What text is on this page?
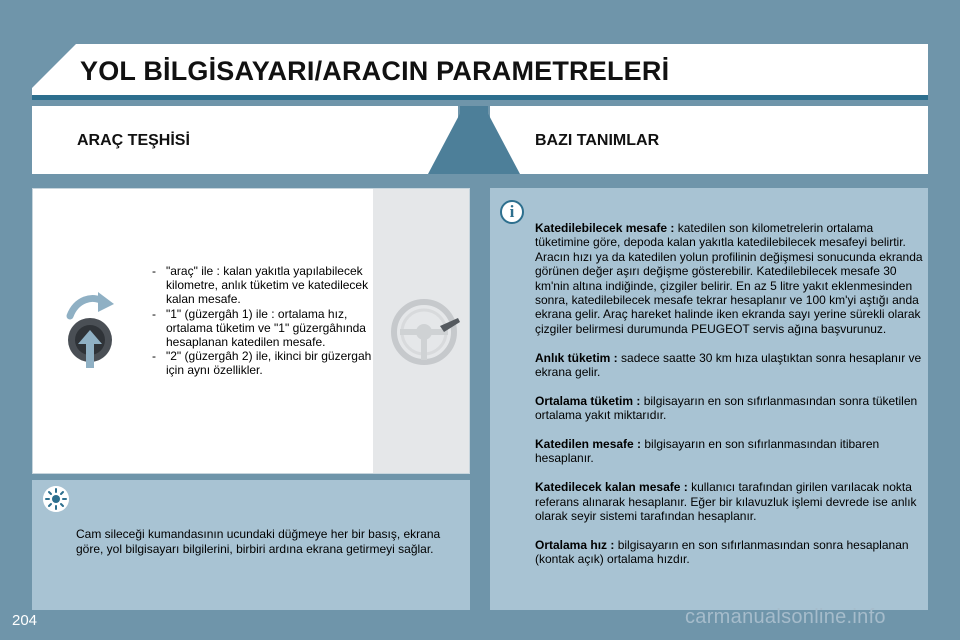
YOL BİLGİSAYARI/ARACIN PARAMETRELERİ
ARAÇ TEŞHİSİ	BAZI TANIMLAR
- "araç" ile : kalan yakıtla yapılabilecek kilometre, anlık tüketim ve katedilecek kalan mesafe.
- "1" (güzergâh 1) ile : ortalama hız, ortalama tüketim ve "1" güzergâhında hesaplanan katedilen mesafe.
- "2" (güzergâh 2) ile, ikinci bir güzergah için aynı özellikler.

Cam sileceği kumandasının ucundaki düğmeye her bir basış, ekrana göre, yol bilgisayarı bilgilerini, birbiri ardına ekrana getirmeyi sağlar.

i

Katedilebilecek mesafe : katedilen son kilometrelerin ortalama tüketimine göre, depoda kalan yakıtla katedilebilecek mesafeyi belirtir. Aracın hızı ya da katedilen yolun profilinin değişmesi sonucunda ekranda görünen değer aşırı değişme gösterebilir. Katedilebilecek mesafe 30 km'nin altına indiğinde, çizgiler belirir. En az 5 litre yakıt eklenmesinden sonra, katedilebilecek mesafe tekrar hesaplanır ve 100 km'yi aştığı anda ekrana gelir. Araç hareket halinde iken ekranda sayı yerine sürekli olarak çizgiler belirmesi durumunda PEUGEOT servis ağına başvurunuz.

Anlık tüketim : sadece saatte 30 km hıza ulaştıktan sonra hesaplanır ve ekrana gelir.

Ortalama tüketim : bilgisayarın en son sıfırlanmasından sonra tüketilen ortalama yakıt miktarıdır.

Katedilen mesafe : bilgisayarın en son sıfırlanmasından itibaren hesaplanır.

Katedilecek kalan mesafe : kullanıcı tarafından girilen varılacak nokta referans alınarak hesaplanır. Eğer bir kılavuzluk işlemi devrede ise anlık olarak seyir sistemi tarafından hesaplanır.

Ortalama hız : bilgisayarın en son sıfırlanmasından sonra hesaplanan (kontak açık) ortalama hızdır.

204	carmanualsonline.info
